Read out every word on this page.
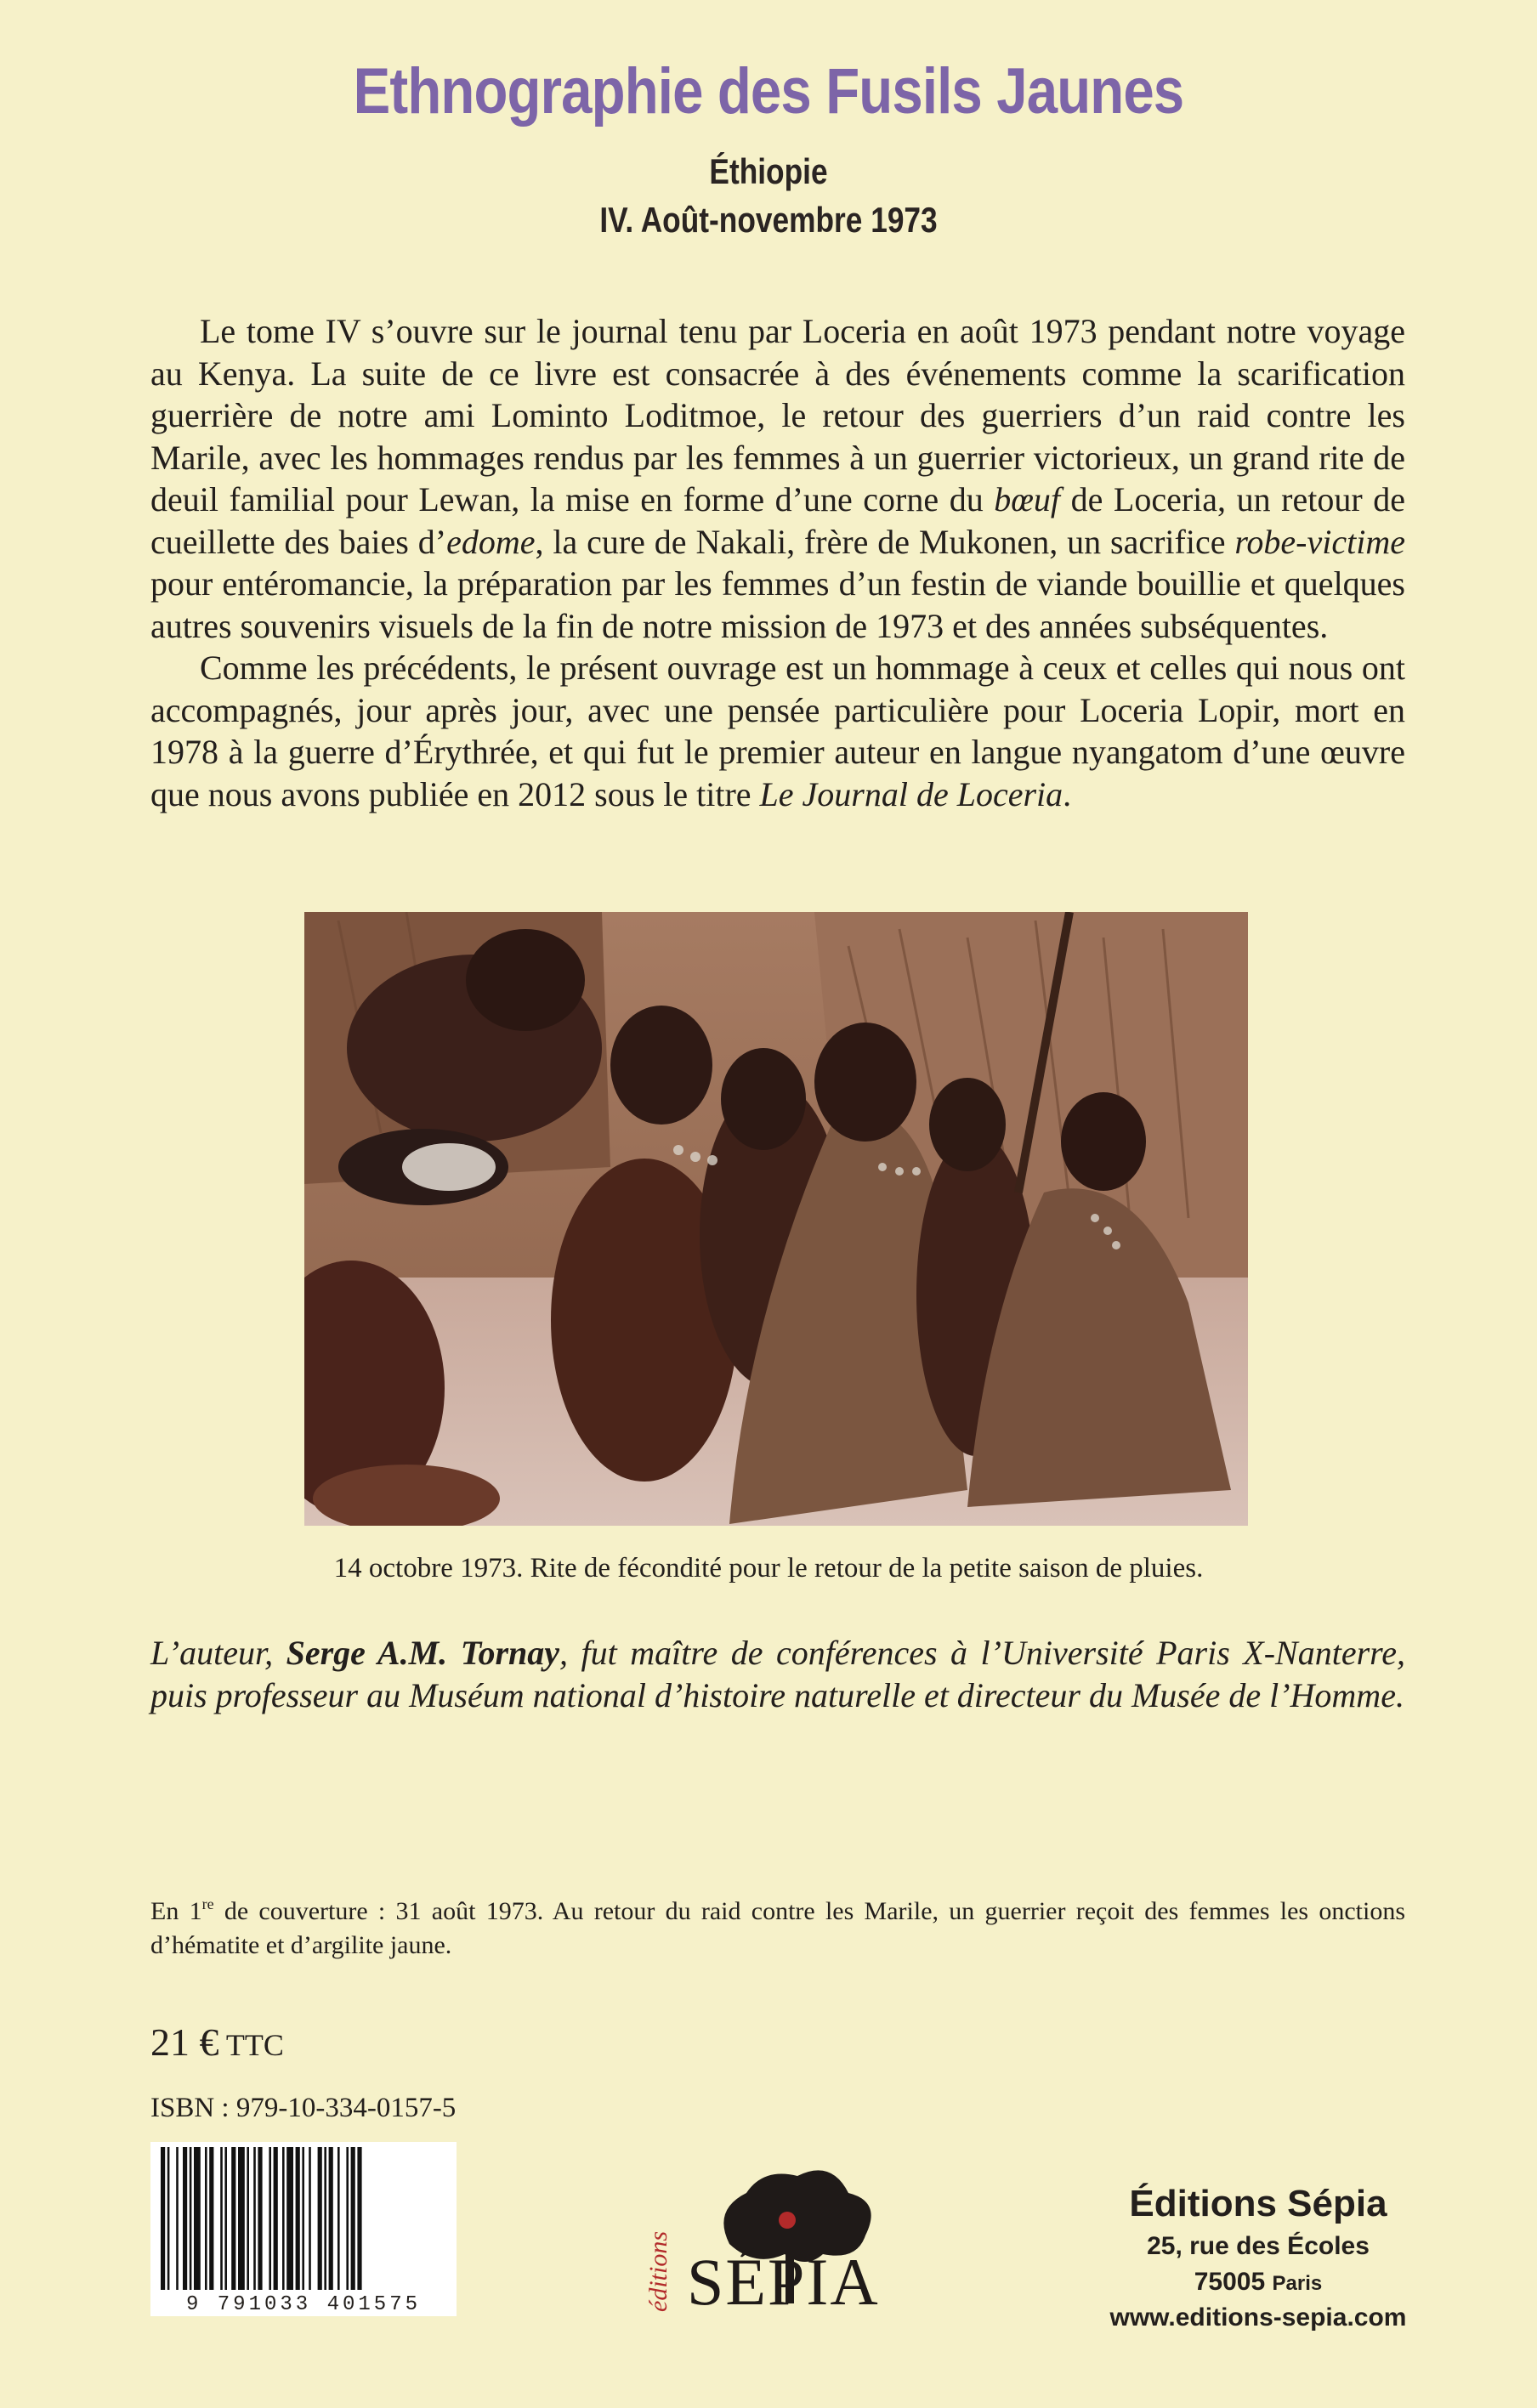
Ethnographie des Fusils Jaunes
Éthiopie
IV. Août-novembre 1973

Le tome IV s’ouvre sur le journal tenu par Loceria en août 1973 pendant notre voyage au Kenya. La suite de ce livre est consacrée à des événements comme la scarification guerrière de notre ami Lominto Loditmoe, le retour des guerriers d’un raid contre les Marile, avec les hommages rendus par les femmes à un guerrier victorieux, un grand rite de deuil familial pour Lewan, la mise en forme d’une corne du bœuf de Loceria, un retour de cueillette des baies d’edome, la cure de Nakali, frère de Mukonen, un sacrifice robe-victime pour entéromancie, la préparation par les femmes d’un festin de viande bouillie et quelques autres souvenirs visuels de la fin de notre mission de 1973 et des années subséquentes.

Comme les précédents, le présent ouvrage est un hommage à ceux et celles qui nous ont accompagnés, jour après jour, avec une pensée particulière pour Loceria Lopir, mort en 1978 à la guerre d’Érythrée, et qui fut le premier auteur en langue nyangatom d’une œuvre que nous avons publiée en 2012 sous le titre Le Journal de Loceria.

14 octobre 1973. Rite de fécondité pour le retour de la petite saison de pluies.
L’auteur, Serge A.M. Tornay, fut maître de conférences à l’Université Paris X-Nanterre, puis professeur au Muséum national d’histoire naturelle et directeur du Musée de l’Homme.
En 1re de couverture : 31 août 1973. Au retour du raid contre les Marile, un guerrier reçoit des femmes les onctions d’hématite et d’argilite jaune.
21 € TTC
ISBN : 979-10-334-0157-5
9 791033 401575	SÉPIA
éditions
Éditions Sépia
25, rue des Écoles
75005 Paris
www.editions-sepia.com
